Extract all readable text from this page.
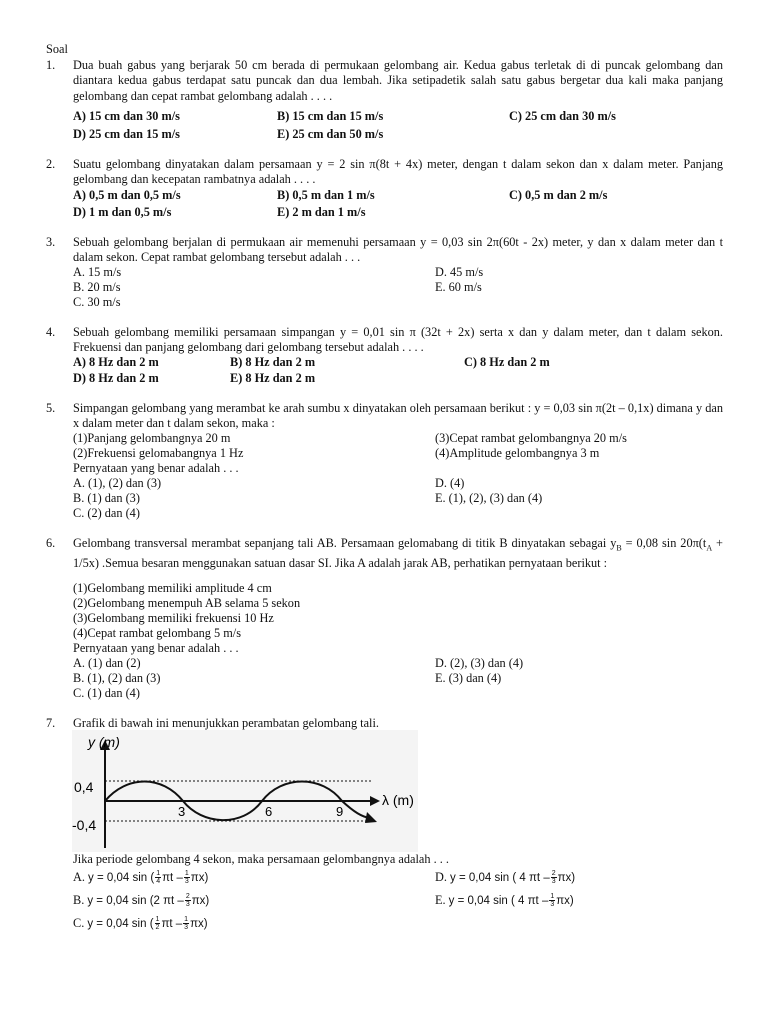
Soal
1. Dua buah gabus yang berjarak 50 cm berada di permukaan gelombang air. Kedua gabus terletak di di puncak gelombang dan diantara kedua gabus terdapat satu puncak dan dua lembah. Jika setipadetik salah satu gabus bergetar dua kali maka panjang gelombang dan cepat rambat gelombang adalah . . . .
A) 15 cm dan 30 m/s	B) 15 cm dan 15 m/s	C) 25 cm dan 30 m/s
D) 25 cm dan 15 m/s	E) 25 cm dan 50 m/s
2. Suatu gelombang dinyatakan dalam persamaan y = 2 sin π(8t + 4x) meter, dengan t dalam sekon dan x dalam meter. Panjang gelombang dan kecepatan rambatnya adalah . . . .
A) 0,5 m dan 0,5 m/s	B) 0,5 m dan 1 m/s	C) 0,5 m dan 2 m/s
D) 1 m dan 0,5 m/s	E) 2 m dan 1 m/s
3. Sebuah gelombang berjalan di permukaan air memenuhi persamaan y = 0,03 sin 2π(60t - 2x) meter, y dan x dalam meter dan t dalam sekon. Cepat rambat gelombang tersebut adalah . . .
A. 15 m/s	D. 45 m/s
B. 20 m/s	E. 60 m/s
C. 30 m/s
4. Sebuah gelombang memiliki persamaan simpangan y = 0,01 sin π (32t + 2x) serta x dan y dalam meter, dan t dalam sekon. Frekuensi dan panjang gelombang dari gelombang tersebut adalah . . . .
A) 8 Hz dan 2 m	B) 8 Hz dan 2 m	C) 8 Hz dan 2 m
D) 8 Hz dan 2 m	E) 8 Hz dan 2 m
5. Simpangan gelombang yang merambat ke arah sumbu x dinyatakan oleh persamaan berikut : y = 0,03 sin π(2t – 0,1x) dimana y dan x dalam meter dan t dalam sekon, maka :
(1)Panjang gelombangnya 20 m	(3)Cepat rambat gelombangnya 20 m/s
(2)Frekuensi gelomabangnya 1 Hz	(4)Amplitude gelombangnya 3 m
Pernyataan yang benar adalah . . .
A. (1), (2) dan (3)	D. (4)
B. (1) dan (3)	E. (1), (2), (3) dan (4)
C. (2) dan (4)
6. Gelombang transversal merambat sepanjang tali AB. Persamaan gelomabang di titik B dinyatakan sebagai $y_B = 0,08$ $\sin 20\pi(t_A + 1/5x)$ .Semua besaran menggunakan satuan dasar SI. Jika A adalah jarak AB, perhatikan pernyataan berikut :
(1)Gelombang memiliki amplitude 4 cm
(2)Gelombang menempuh AB selama 5 sekon
(3)Gelombang memiliki frekuensi 10 Hz
(4)Cepat rambat gelombang 5 m/s
Pernyataan yang benar adalah . . .
A. (1) dan (2)	D. (2), (3) dan (4)
B. (1), (2) dan (3)	E. (3) dan (4)
C. (1) dan (4)
7. Grafik di bawah ini menunjukkan perambatan gelombang tali.
y (m)
0,4
-0,4
λ (m)
3	6	9
Jika periode gelombang 4 sekon, maka persamaan gelombangnya adalah . . .
A. y = 0,04 sin ( $\frac{1}{4}$ πt – $\frac{1}{3} \pi x$)	D. y = 0,04 sin ( 4 πt – $\frac{2}{3} \pi x$)
B. y = 0,04 sin (2 πt – $\frac{2}{3} \pi x$)	E. y = 0,04 sin ( 4 πt – $\frac{1}{3} \pi x$)
C. y = 0,04 sin ( $\frac{1}{2}$ πt – $\frac{1}{3} \pi x$)
